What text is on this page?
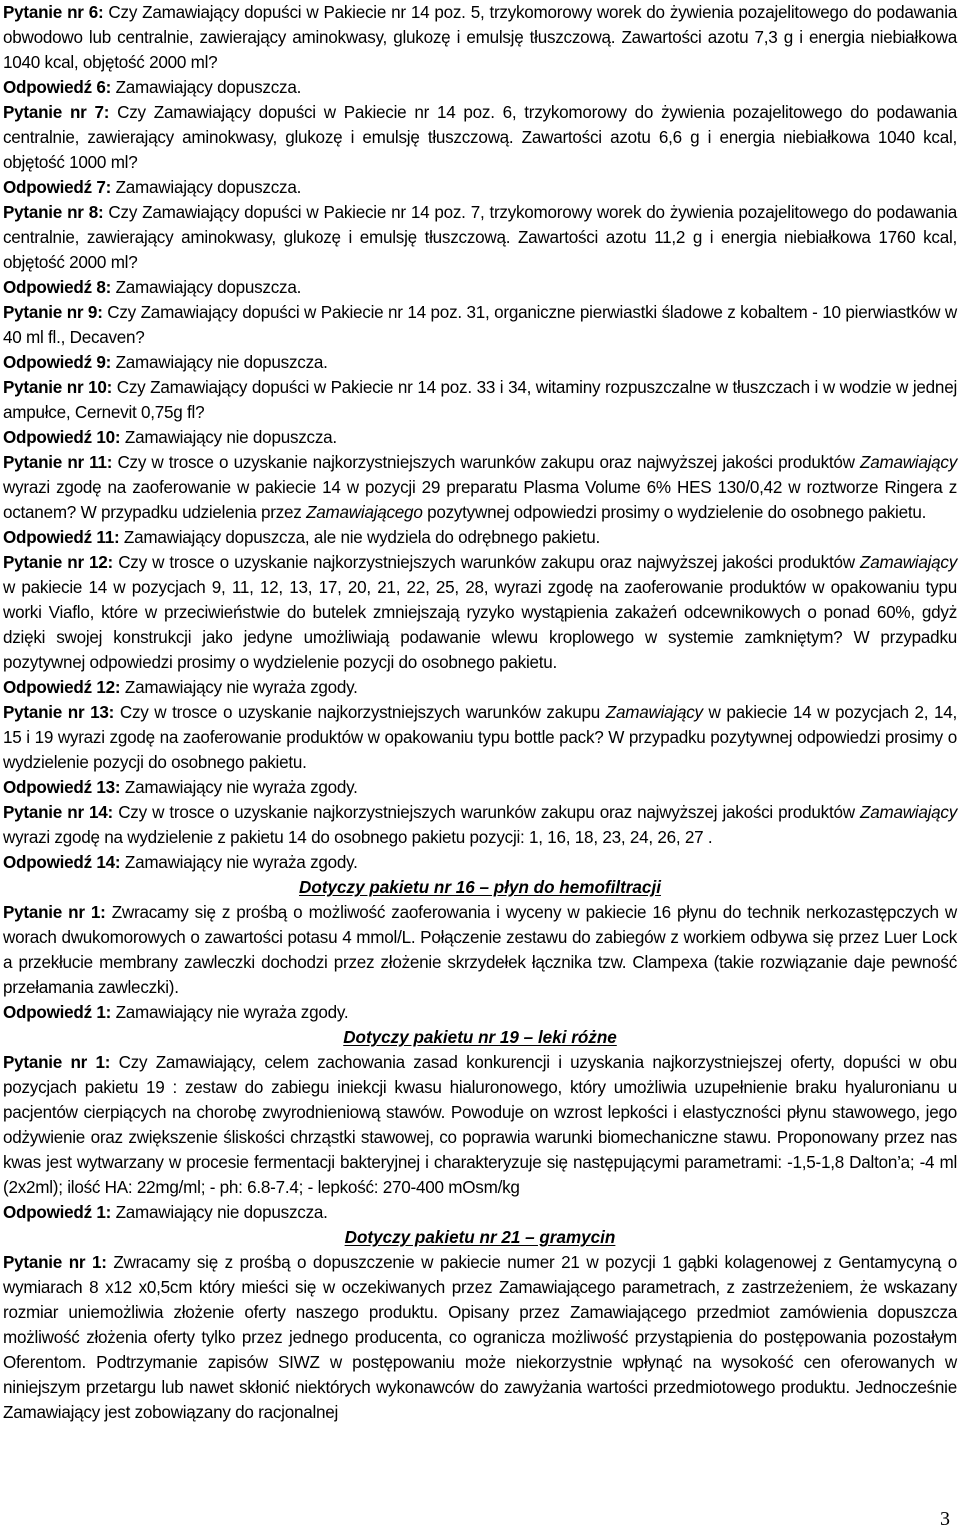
Pytanie nr 6: Czy Zamawiający dopuści w Pakiecie nr 14 poz. 5, trzykomorowy worek do żywienia pozajelitowego do podawania obwodowo lub centralnie, zawierający aminokwasy, glukozę i emulsję tłuszczową. Zawartości azotu 7,3 g i energia niebiałkowa 1040 kcal, objętość 2000 ml?

Odpowiedź 6: Zamawiający dopuszcza.

Pytanie nr 7: Czy Zamawiający dopuści w Pakiecie nr 14 poz. 6, trzykomorowy do żywienia pozajelitowego do podawania centralnie, zawierający aminokwasy, glukozę i emulsję tłuszczową. Zawartości azotu 6,6 g i energia niebiałkowa 1040 kcal, objętość 1000 ml?

Odpowiedź 7: Zamawiający dopuszcza.

Pytanie nr 8: Czy Zamawiający dopuści w Pakiecie nr 14 poz. 7, trzykomorowy worek do żywienia pozajelitowego do podawania centralnie, zawierający aminokwasy, glukozę i emulsję tłuszczową. Zawartości azotu 11,2 g i energia niebiałkowa 1760 kcal, objętość 2000 ml?

Odpowiedź 8: Zamawiający dopuszcza.

Pytanie nr 9: Czy Zamawiający dopuści w Pakiecie nr 14 poz. 31, organiczne pierwiastki śladowe z kobaltem - 10 pierwiastków w 40 ml fl., Decaven?

Odpowiedź 9: Zamawiający nie dopuszcza.

Pytanie nr 10: Czy Zamawiający dopuści w Pakiecie nr 14 poz. 33 i 34, witaminy rozpuszczalne w tłuszczach i w wodzie w jednej ampułce, Cernevit 0,75g fl?

Odpowiedź 10: Zamawiający nie dopuszcza.

Pytanie nr 11: Czy w trosce o uzyskanie najkorzystniejszych warunków zakupu oraz najwyższej jakości produktów Zamawiający wyrazi zgodę na zaoferowanie w pakiecie 14 w pozycji 29 preparatu Plasma Volume 6% HES 130/0,42 w roztworze Ringera z octanem? W przypadku udzielenia przez Zamawiającego pozytywnej odpowiedzi prosimy o wydzielenie do osobnego pakietu.

Odpowiedź 11: Zamawiający dopuszcza, ale nie wydziela do odrębnego pakietu.

Pytanie nr 12: Czy w trosce o uzyskanie najkorzystniejszych warunków zakupu oraz najwyższej jakości produktów Zamawiający w pakiecie 14 w pozycjach 9, 11, 12, 13, 17, 20, 21, 22, 25, 28, wyrazi zgodę na zaoferowanie produktów w opakowaniu typu worki Viaflo, które w przeciwieństwie do butelek zmniejszają ryzyko wystąpienia zakażeń odcewnikowych o ponad 60%, gdyż dzięki swojej konstrukcji jako jedyne umożliwiają podawanie wlewu kroplowego w systemie zamkniętym? W przypadku pozytywnej odpowiedzi prosimy o wydzielenie pozycji do osobnego pakietu.

Odpowiedź 12: Zamawiający nie wyraża zgody.

Pytanie nr 13: Czy w trosce o uzyskanie najkorzystniejszych warunków zakupu Zamawiający w pakiecie 14 w pozycjach 2, 14, 15 i 19 wyrazi zgodę na zaoferowanie produktów w opakowaniu typu bottle pack? W przypadku pozytywnej odpowiedzi prosimy o wydzielenie pozycji do osobnego pakietu.

Odpowiedź 13: Zamawiający nie wyraża zgody.

Pytanie nr 14: Czy w trosce o uzyskanie najkorzystniejszych warunków zakupu oraz najwyższej jakości produktów Zamawiający wyrazi zgodę na wydzielenie z pakietu 14 do osobnego pakietu pozycji: 1, 16, 18, 23, 24, 26, 27 .

Odpowiedź 14: Zamawiający nie wyraża zgody.

Dotyczy pakietu nr 16 – płyn do hemofiltracji

Pytanie nr 1: Zwracamy się z prośbą o możliwość zaoferowania i wyceny w pakiecie 16 płynu do technik nerkozastępczych w worach dwukomorowych o zawartości potasu 4 mmol/L. Połączenie zestawu do zabiegów z workiem odbywa się przez Luer Lock a przekłucie membrany zawleczki dochodzi przez złożenie skrzydełek łącznika tzw. Clampexa (takie rozwiązanie daje pewność przełamania zawleczki).

Odpowiedź 1: Zamawiający nie wyraża zgody.

Dotyczy pakietu nr 19 – leki różne

Pytanie nr 1: Czy Zamawiający, celem zachowania zasad konkurencji i uzyskania najkorzystniejszej oferty, dopuści w obu pozycjach pakietu 19 : zestaw do zabiegu iniekcji kwasu hialuronowego, który umożliwia uzupełnienie braku hyaluronianu u pacjentów cierpiących na chorobę zwyrodnieniową stawów. Powoduje on wzrost lepkości i elastyczności płynu stawowego, jego odżywienie oraz zwiększenie śliskości chrząstki stawowej, co poprawia warunki biomechaniczne stawu. Proponowany przez nas kwas jest wytwarzany w procesie fermentacji bakteryjnej i charakteryzuje się następującymi parametrami: -1,5-1,8 Dalton’a; -4 ml (2x2ml); ilość HA: 22mg/ml; - ph: 6.8-7.4; - lepkość: 270-400 mOsm/kg

Odpowiedź 1: Zamawiający nie dopuszcza.

Dotyczy pakietu nr 21 – gramycin

Pytanie nr 1: Zwracamy się z prośbą o dopuszczenie w pakiecie numer 21 w pozycji 1 gąbki kolagenowej z Gentamycyną o wymiarach 8 x12 x0,5cm który mieści się w oczekiwanych przez Zamawiającego parametrach, z zastrzeżeniem, że wskazany rozmiar uniemożliwia złożenie oferty naszego produktu. Opisany przez Zamawiającego przedmiot zamówienia dopuszcza możliwość złożenia oferty tylko przez jednego producenta, co ogranicza możliwość przystąpienia do postępowania pozostałym Oferentom. Podtrzymanie zapisów SIWZ w postępowaniu może niekorzystnie wpłynąć na wysokość cen oferowanych w niniejszym przetargu lub nawet skłonić niektórych wykonawców do zawyżania wartości przedmiotowego produktu. Jednocześnie Zamawiający jest zobowiązany do racjonalnej

3
